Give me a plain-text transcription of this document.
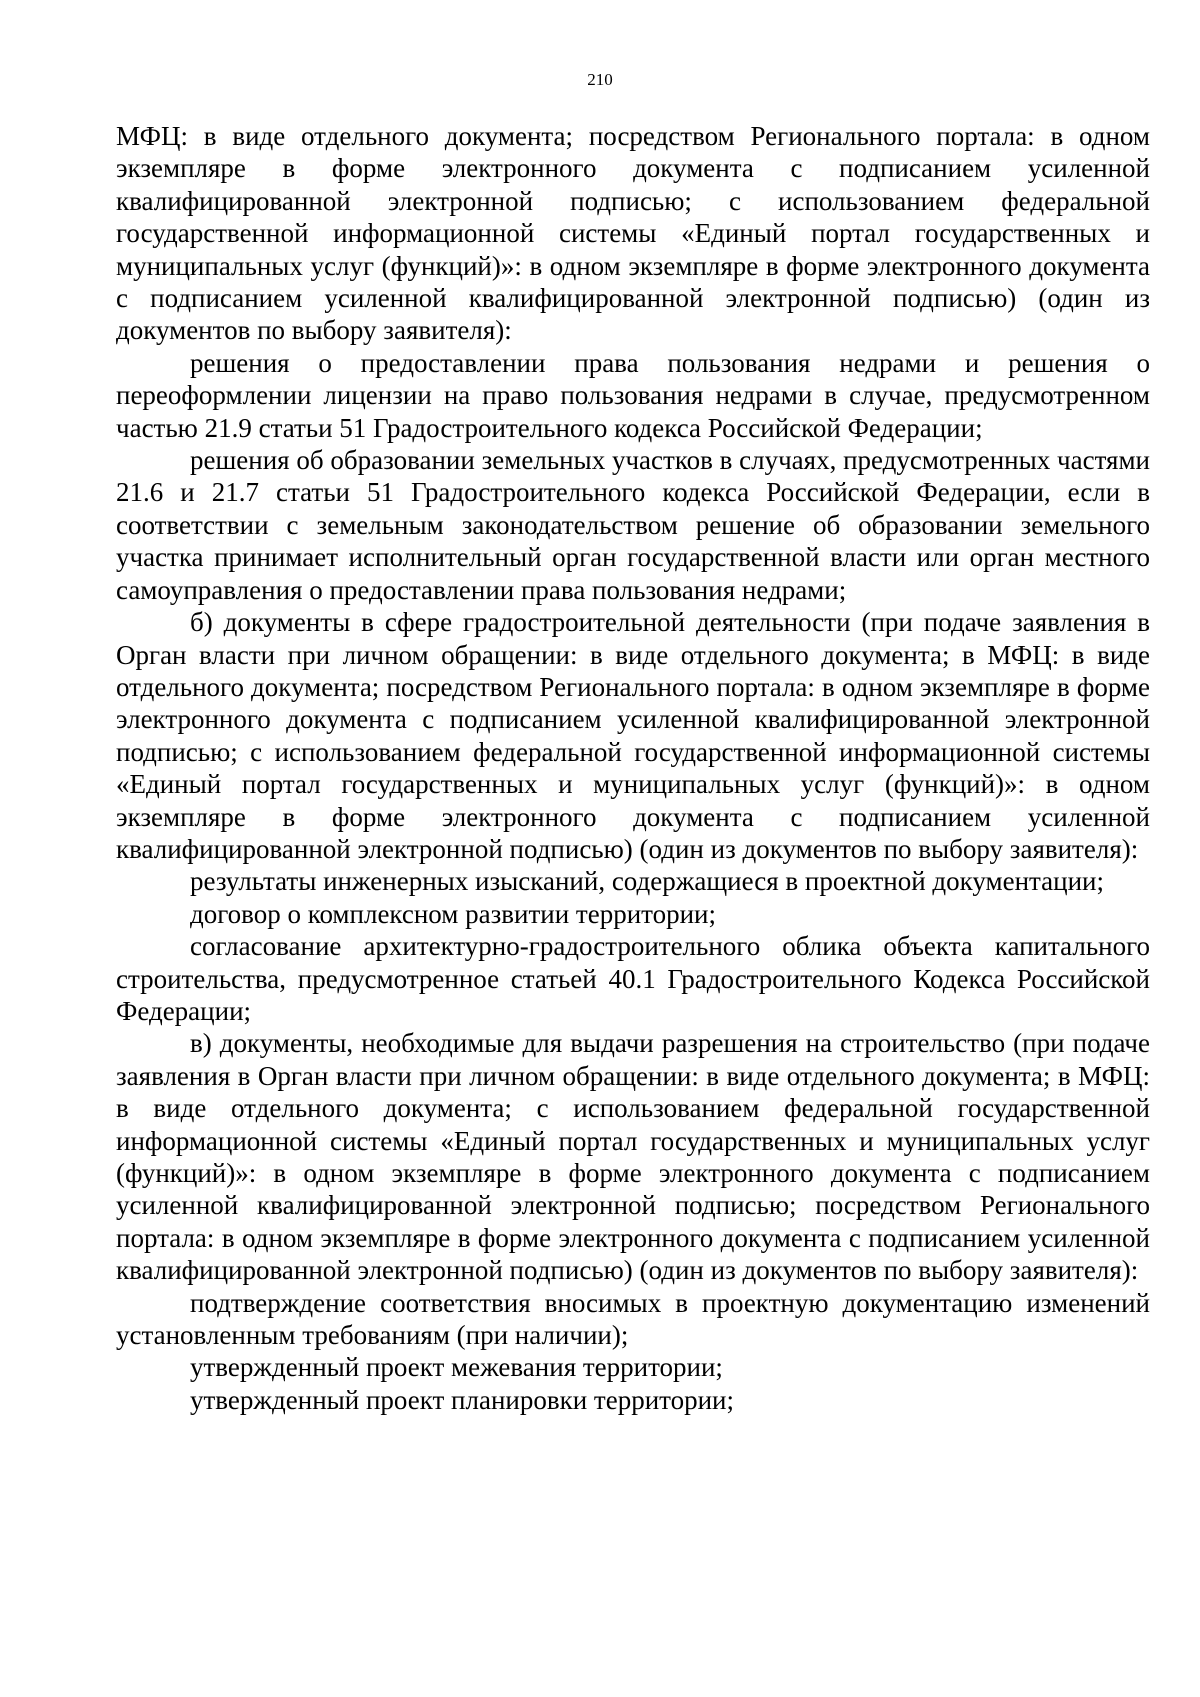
210

МФЦ: в виде отдельного документа; посредством Регионального портала: в одном экземпляре в форме электронного документа с подписанием усиленной квалифицированной электронной подписью; с использованием федеральной государственной информационной системы «Единый портал государственных и муниципальных услуг (функций)»: в одном экземпляре в форме электронного документа с подписанием усиленной квалифицированной электронной подписью) (один из документов по выбору заявителя):

решения о предоставлении права пользования недрами и решения о переоформлении лицензии на право пользования недрами в случае, предусмотренном частью 21.9 статьи 51 Градостроительного кодекса Российской Федерации;

решения об образовании земельных участков в случаях, предусмотренных частями 21.6 и 21.7 статьи 51 Градостроительного кодекса Российской Федерации, если в соответствии с земельным законодательством решение об образовании земельного участка принимает исполнительный орган государственной власти или орган местного самоуправления о предоставлении права пользования недрами;

б) документы в сфере градостроительной деятельности (при подаче заявления в Орган власти при личном обращении: в виде отдельного документа; в МФЦ: в виде отдельного документа; посредством Регионального портала: в одном экземпляре в форме электронного документа с подписанием усиленной квалифицированной электронной подписью; с использованием федеральной государственной информационной системы «Единый портал государственных и муниципальных услуг (функций)»: в одном экземпляре в форме электронного документа с подписанием усиленной квалифицированной электронной подписью) (один из документов по выбору заявителя):

результаты инженерных изысканий, содержащиеся в проектной документации;

договор о комплексном развитии территории;

согласование архитектурно-градостроительного облика объекта капитального строительства, предусмотренное статьей 40.1 Градостроительного Кодекса Российской Федерации;

в) документы, необходимые для выдачи разрешения на строительство (при подаче заявления в Орган власти при личном обращении: в виде отдельного документа; в МФЦ: в виде отдельного документа; с использованием федеральной государственной информационной системы «Единый портал государственных и муниципальных услуг (функций)»: в одном экземпляре в форме электронного документа с подписанием усиленной квалифицированной электронной подписью; посредством Регионального портала: в одном экземпляре в форме электронного документа с подписанием усиленной квалифицированной электронной подписью) (один из документов по выбору заявителя):

подтверждение соответствия вносимых в проектную документацию изменений установленным требованиям (при наличии);

утвержденный проект межевания территории;

утвержденный проект планировки территории;
